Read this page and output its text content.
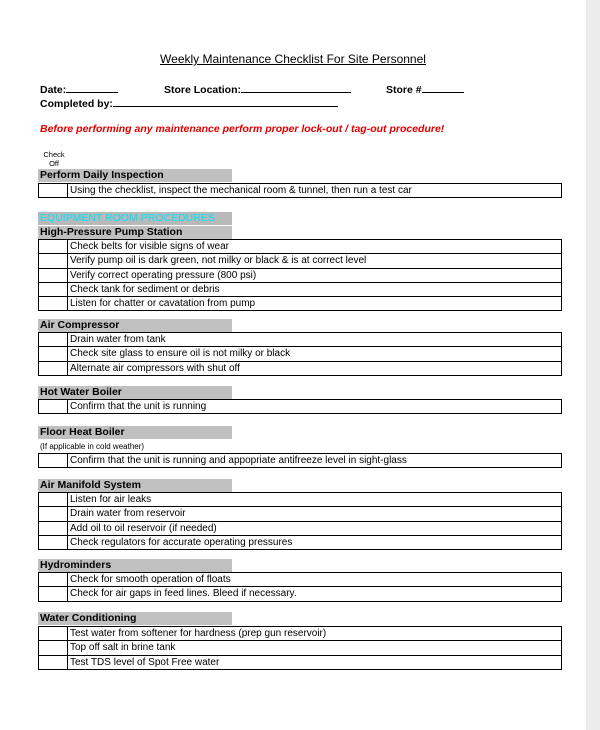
Weekly Maintenance Checklist For Site Personnel
Date:	Store Location:	Store #
Completed by:
Before performing any maintenance perform proper lock-out / tag-out procedure!
Check
Off
Perform Daily Inspection
Using the checklist, inspect the mechanical room & tunnel, then run a test car
EQUIPMENT ROOM PROCEDURES
High-Pressure Pump Station
Check belts for visible signs of wear
Verify pump oil is dark green, not milky or black & is at correct level
Verify correct operating pressure (800 psi)
Check tank for sediment or debris
Listen for chatter or cavatation from pump
Air Compressor
Drain water from tank
Check site glass to ensure oil is not milky or black
Alternate air compressors with shut off
Hot Water Boiler
Confirm that the unit is running
Floor Heat Boiler
(If applicable in cold weather)
Confirm that the unit is running and appopriate antifreeze level in sight-glass
Air Manifold System
Listen for air leaks
Drain water from reservoir
Add oil to oil reservoir (if needed)
Check regulators for accurate operating pressures
Hydrominders
Check for smooth operation of floats
Check for air gaps in feed lines. Bleed if necessary.
Water Conditioning
Test water from softener for hardness (prep gun reservoir)
Top off salt in brine tank
Test TDS level of Spot Free water
